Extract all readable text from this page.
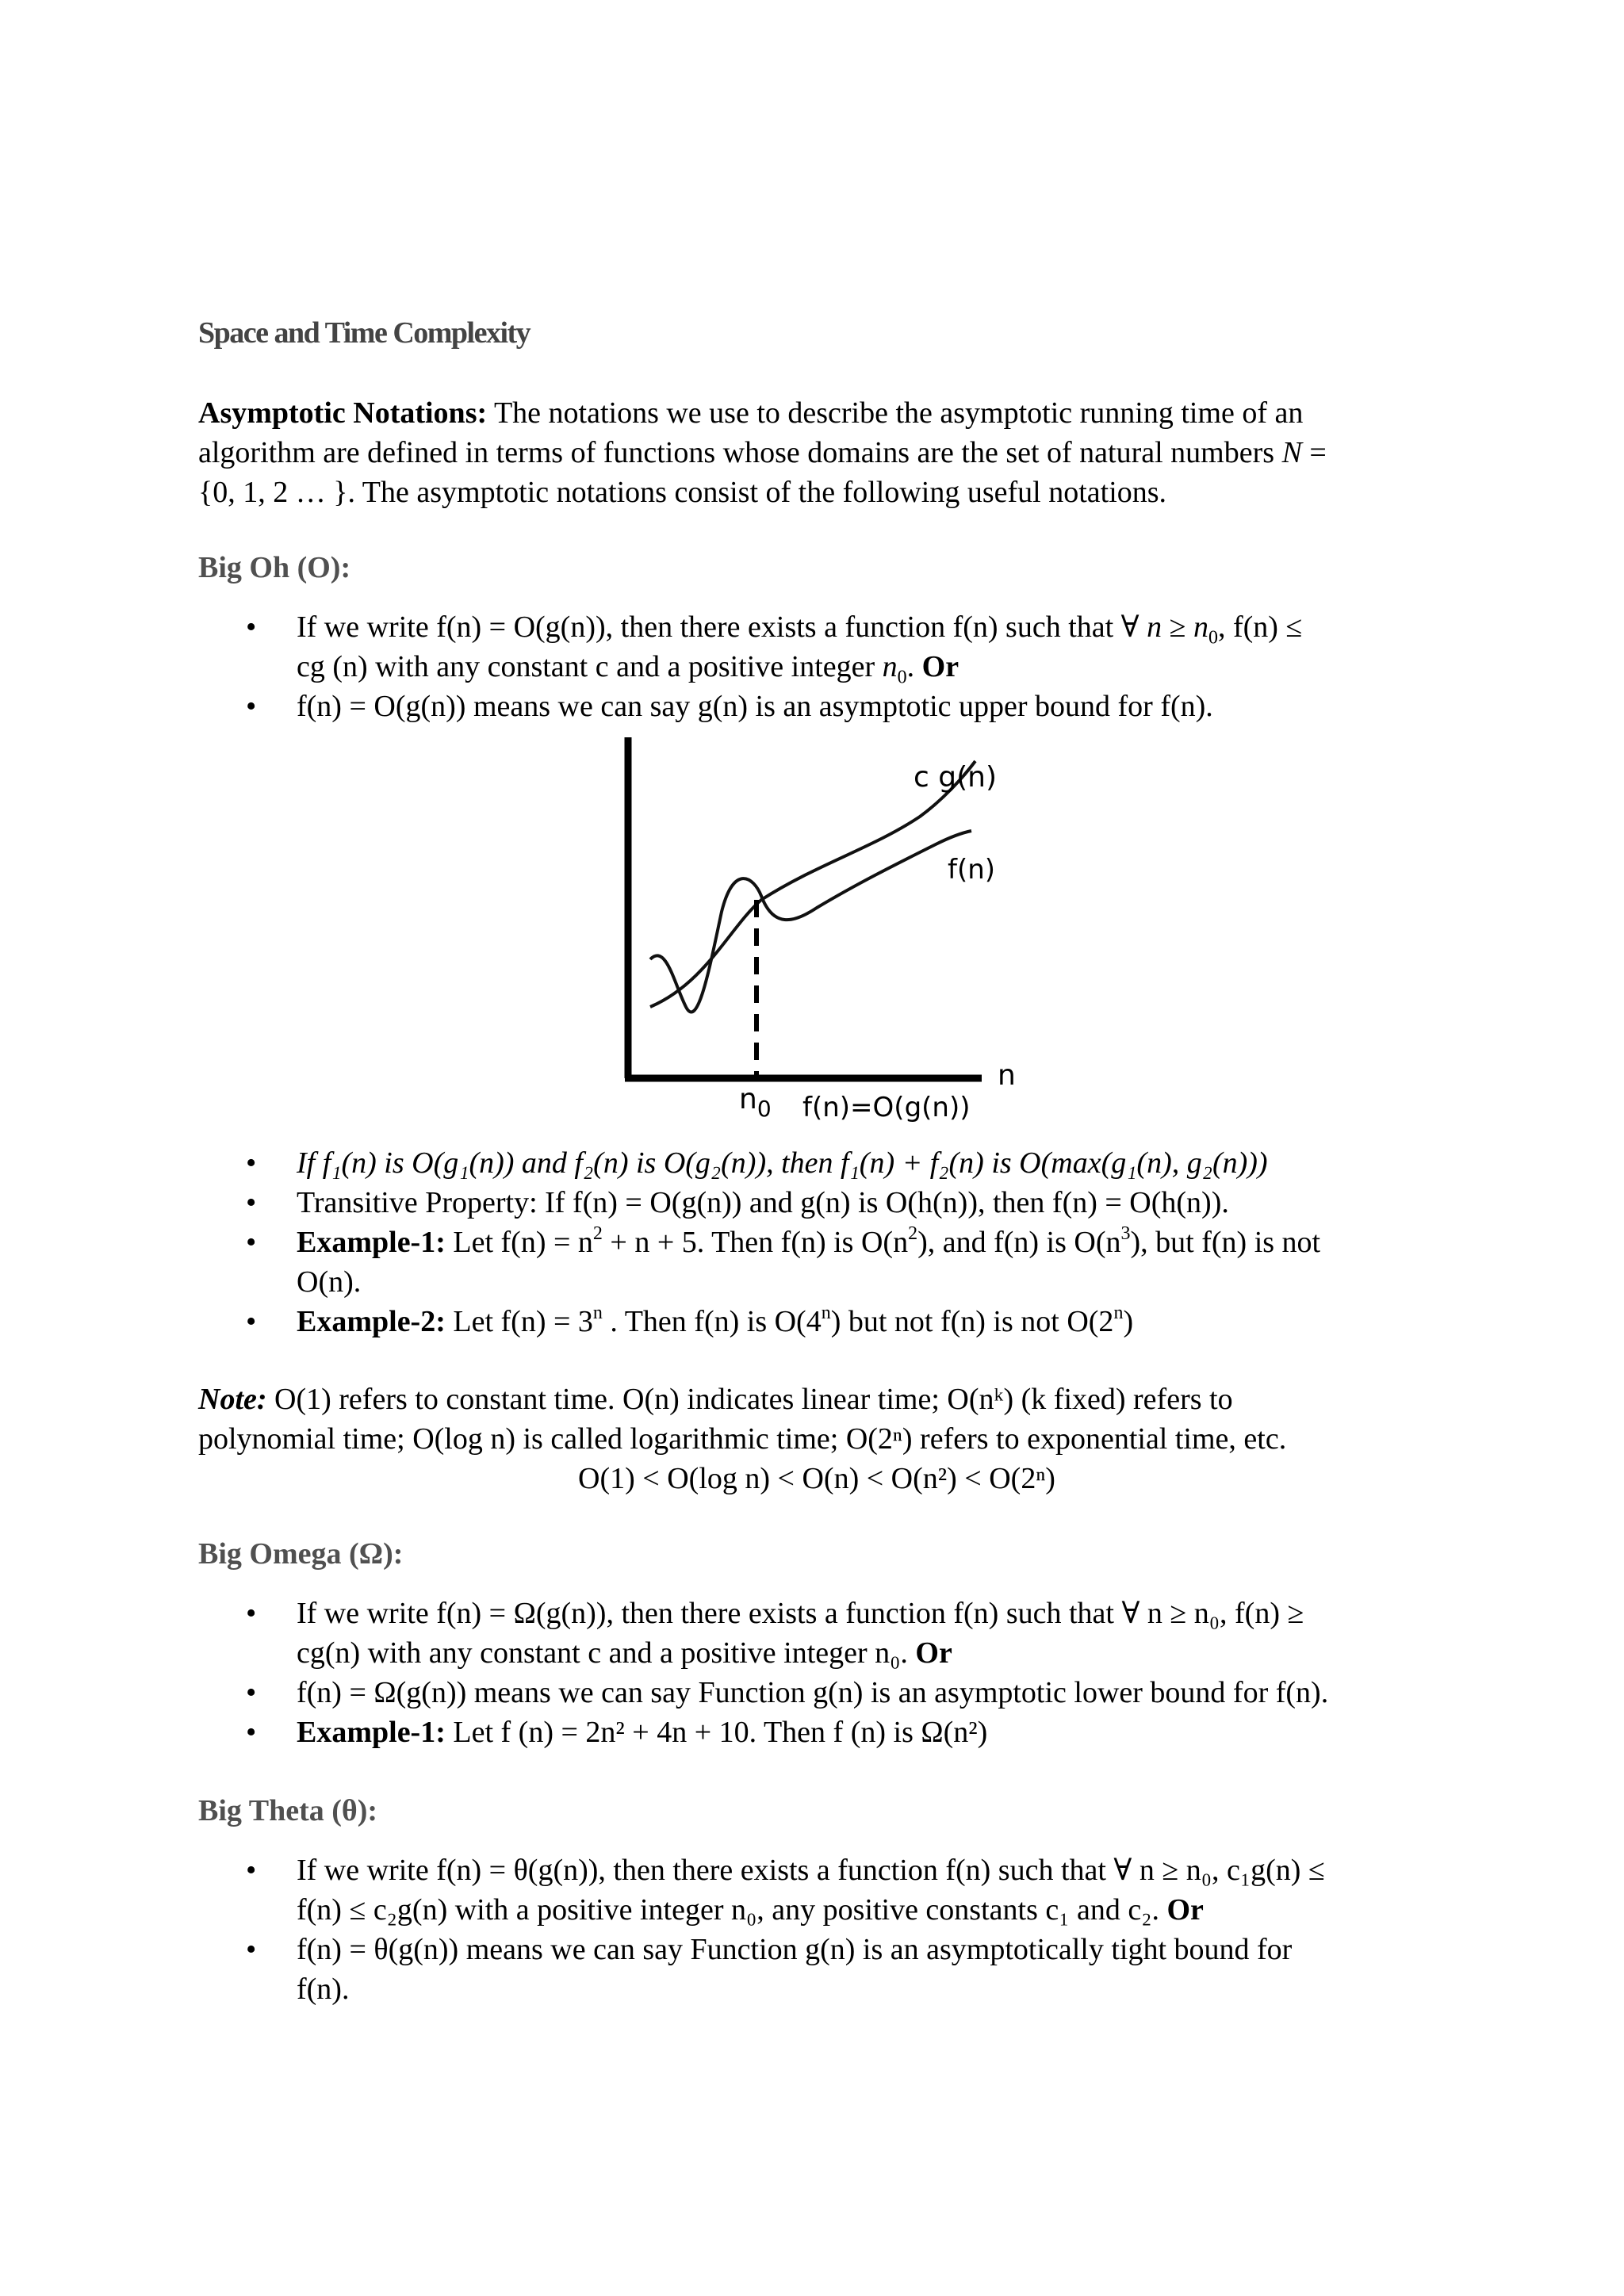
Space and Time Complexity

Asymptotic Notations: The notations we use to describe the asymptotic running time of an

algorithm are defined in terms of functions whose domains are the set of natural numbers N =

{0, 1, 2 … }. The asymptotic notations consist of the following useful notations.

Big Oh (O):
• If we write f(n) = O(g(n)), then there exists a function f(n) such that ∀ $n \ge n_0$, f(n) ≤
cg (n) with any constant c and a positive integer $n_0$. Or
• f(n) = O(g(n)) means we can say g(n) is an asymptotic upper bound for f(n).
c g(n)
f(n)
n
$n_0$ f(n)=O(g(n))
• If f₁(n) is O(g₁(n)) and f₂(n) is O(g₂(n)), then f₁(n) + f₂(n) is O(max(g₁(n), g₂(n)))
• Transitive Property: If f(n) = O(g(n)) and g(n) is O(h(n)), then f(n) = O(h(n)).
• Example-1: Let $f(n) = n^2 + n + 5$. Then f(n) is $O(n^2)$, and f(n) is $O(n^3)$, but f(n) is not
O(n).
• Example-2: Let $f(n) = 3^n$ . Then f(n) is O(4$^n$) but not f(n) is not O(2$^n$)

Note: O(1) refers to constant time. O(n) indicates linear time; O(nᵏ) (k fixed) refers to

polynomial time; O(log n) is called logarithmic time; O(2ⁿ) refers to exponential time, etc.

O(1) < O(log n) < O(n) < O(n²) < O(2ⁿ)

Big Omega (Ω):
• If we write f(n) = Ω(g(n)), then there exists a function f(n) such that ∀ n ≥ n₀, f(n) ≥
cg(n) with any constant c and a positive integer n₀. Or
• f(n) = Ω(g(n)) means we can say Function g(n) is an asymptotic lower bound for f(n).
• Example-1: Let f (n) = 2n² + 4n + 10. Then f (n) is Ω(n²)
Big Theta (θ):
• If we write f(n) = θ(g(n)), then there exists a function f(n) such that ∀ n ≥ n₀, c₁g(n) ≤
f(n) ≤ c₂g(n) with a positive integer n₀, any positive constants c₁ and c₂. Or
• f(n) = θ(g(n)) means we can say Function g(n) is an asymptotically tight bound for
f(n).
